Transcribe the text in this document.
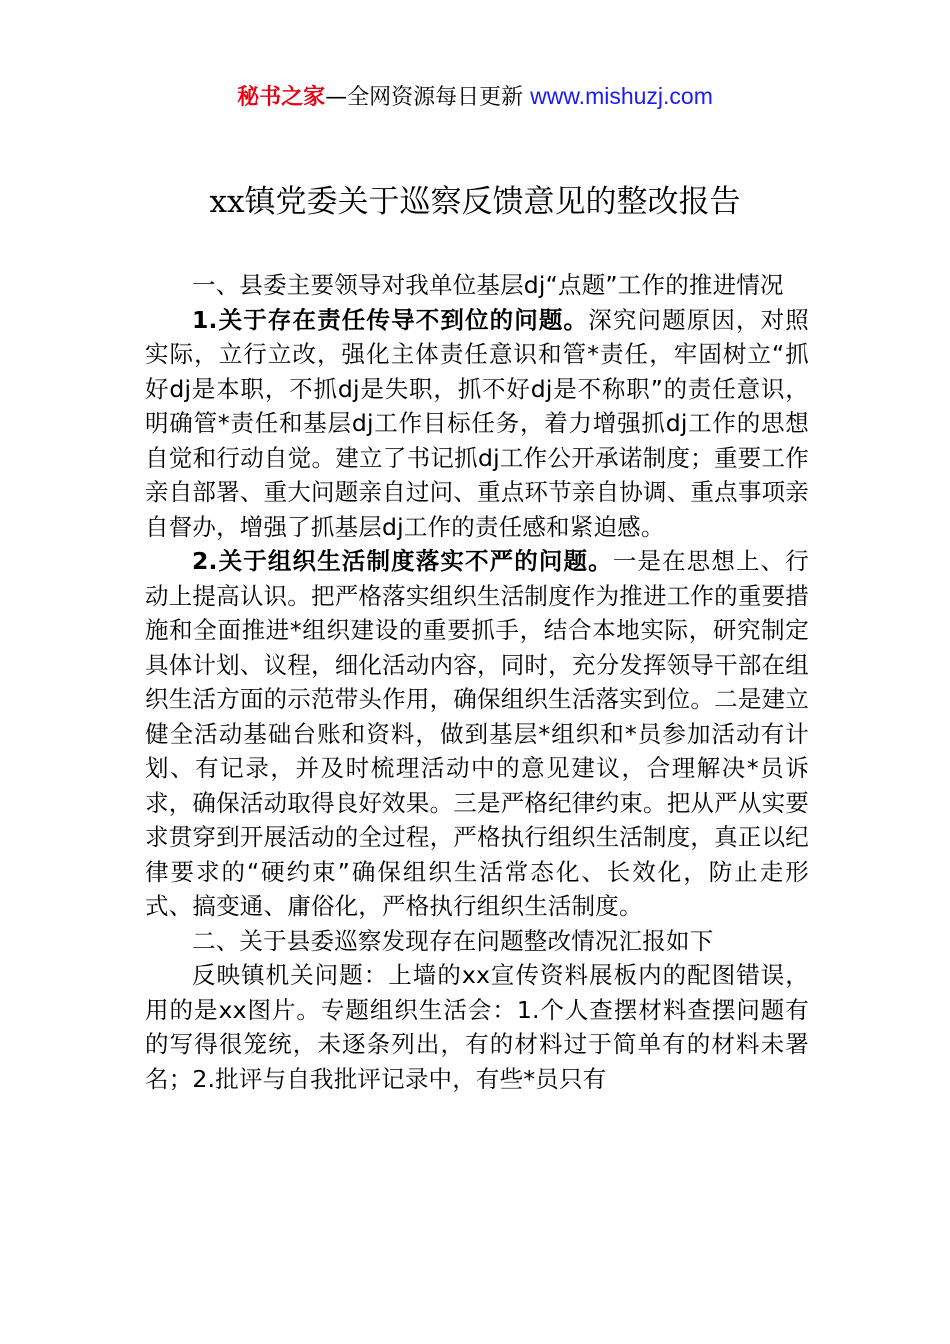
秘书之家—全网资源每日更新 www.mishuzj.com
xx镇党委关于巡察反馈意见的整改报告

一、县委主要领导对我单位基层dj“点题”工作的推进情况

1.关于存在责任传导不到位的问题。深究问题原因，对照实际，立行立改，强化主体责任意识和管*责任，牢固树立“抓好dj是本职，不抓dj是失职，抓不好dj是不称职”的责任意识，明确管*责任和基层dj工作目标任务，着力增强抓dj工作的思想自觉和行动自觉。建立了书记抓dj工作公开承诺制度；重要工作亲自部署、重大问题亲自过问、重点环节亲自协调、重点事项亲自督办，增强了抓基层dj工作的责任感和紧迫感。

2.关于组织生活制度落实不严的问题。一是在思想上、行动上提高认识。把严格落实组织生活制度作为推进工作的重要措施和全面推进*组织建设的重要抓手，结合本地实际，研究制定具体计划、议程，细化活动内容，同时，充分发挥领导干部在组织生活方面的示范带头作用，确保组织生活落实到位。二是建立健全活动基础台账和资料，做到基层*组织和*员参加活动有计划、有记录，并及时梳理活动中的意见建议，合理解决*员诉求，确保活动取得良好效果。三是严格纪律约束。把从严从实要求贯穿到开展活动的全过程，严格执行组织生活制度，真正以纪律要求的“硬约束”确保组织生活常态化、长效化，防止走形式、搞变通、庸俗化，严格执行组织生活制度。

二、关于县委巡察发现存在问题整改情况汇报如下

反映镇机关问题：上墙的xx宣传资料展板内的配图错误，用的是xx图片。专题组织生活会：1.个人查摆材料查摆问题有的写得很笼统，未逐条列出，有的材料过于简单有的材料未署名；2.批评与自我批评记录中，有些*员只有
